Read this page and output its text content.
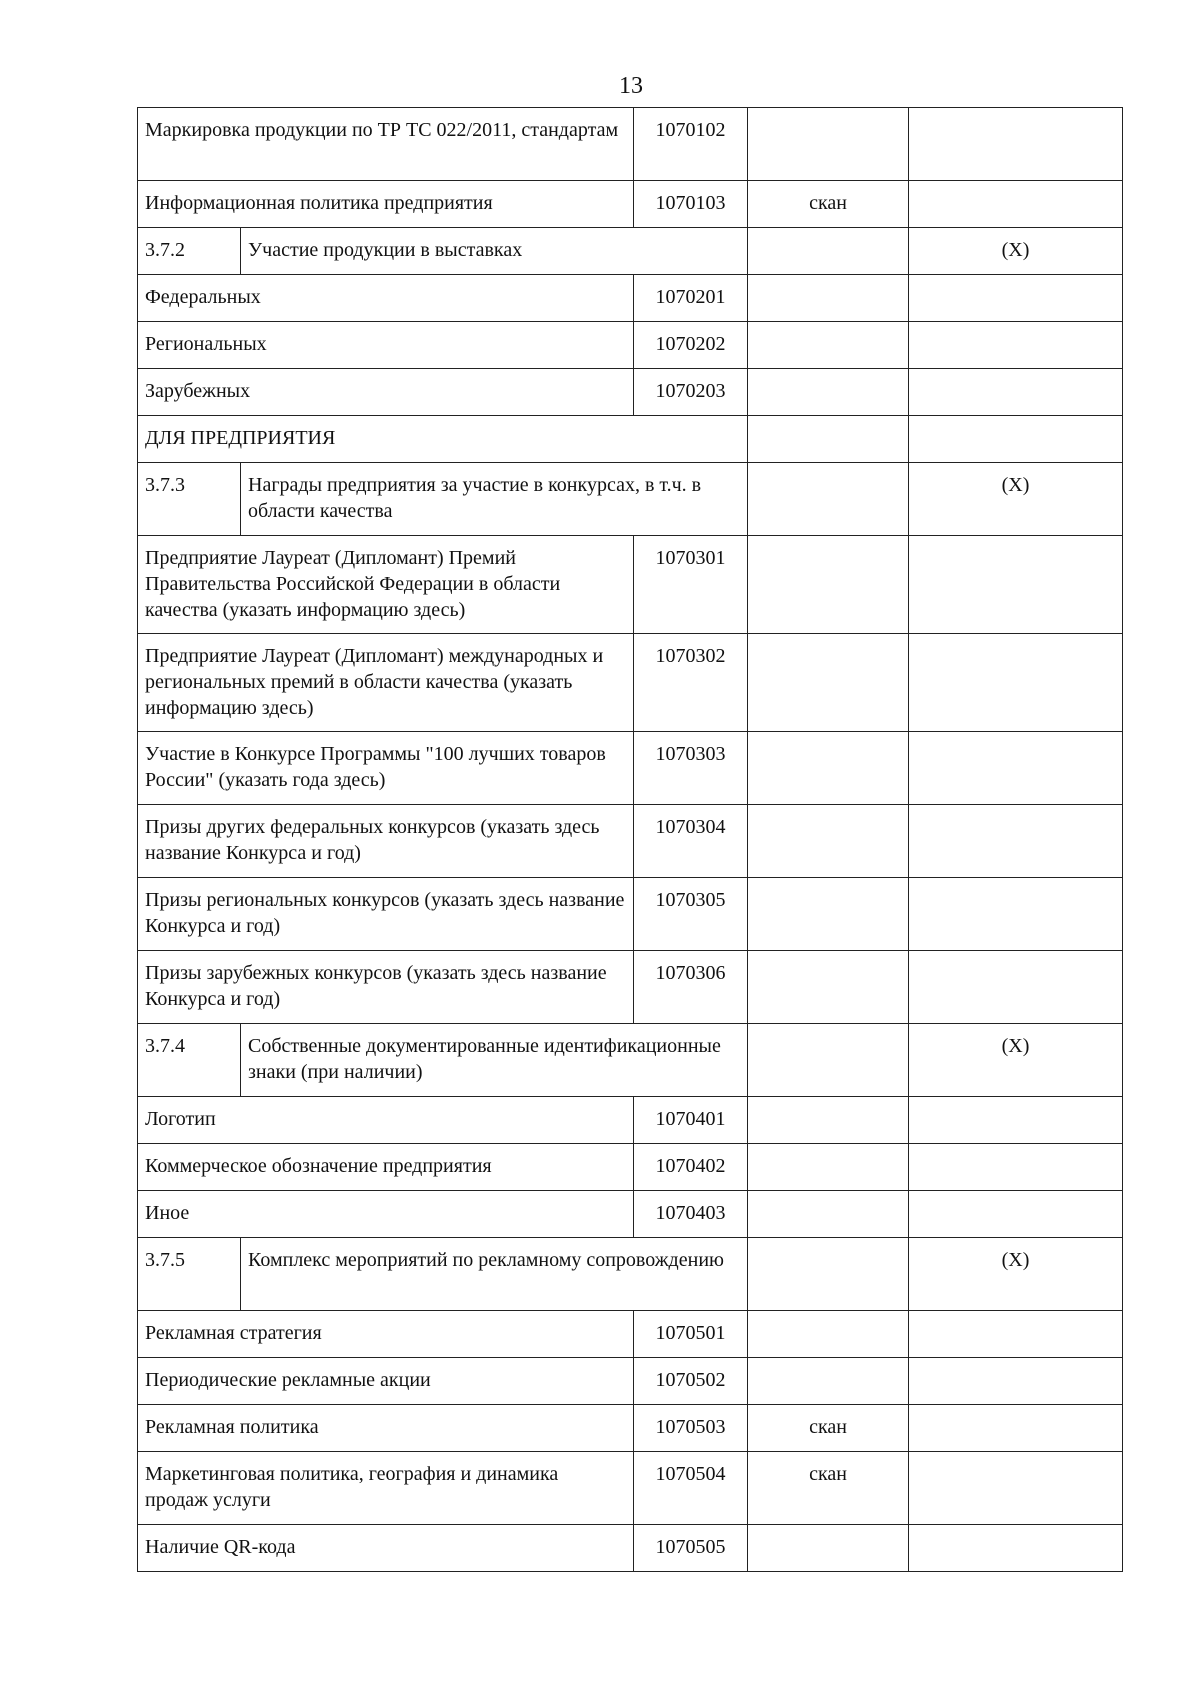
13
Маркировка продукции по ТР ТС 022/2011, стандартам		1070102		
Информационная политика предприятия		1070103	скан	
3.7.2	Участие продукции в выставках			(X)
Федеральных		1070201		
Региональных		1070202		
Зарубежных		1070203		
ДЛЯ ПРЕДПРИЯТИЯ				
3.7.3	Награды предприятия за участие в конкурсах, в т.ч. в области качества			(X)
Предприятие Лауреат (Дипломант) Премий Правительства Российской Федерации в области качества (указать информацию здесь)		1070301		
Предприятие Лауреат (Дипломант) международных и региональных премий в области качества (указать информацию здесь)		1070302		
Участие в Конкурсе Программы "100 лучших товаров России" (указать года здесь)		1070303		
Призы других федеральных конкурсов (указать здесь название Конкурса и год)		1070304		
Призы региональных конкурсов (указать здесь название Конкурса и год)		1070305		
Призы зарубежных конкурсов (указать здесь название Конкурса и год)		1070306		
3.7.4	Собственные документированные идентификационные знаки (при наличии)			(X)
Логотип		1070401		
Коммерческое обозначение предприятия		1070402		
Иное		1070403		
3.7.5	Комплекс мероприятий по рекламному сопровождению			(X)
Рекламная стратегия		1070501		
Периодические рекламные акции		1070502		
Рекламная политика		1070503	скан	
Маркетинговая политика, география и динамика продаж услуги		1070504	скан	
Наличие QR-кода		1070505		
